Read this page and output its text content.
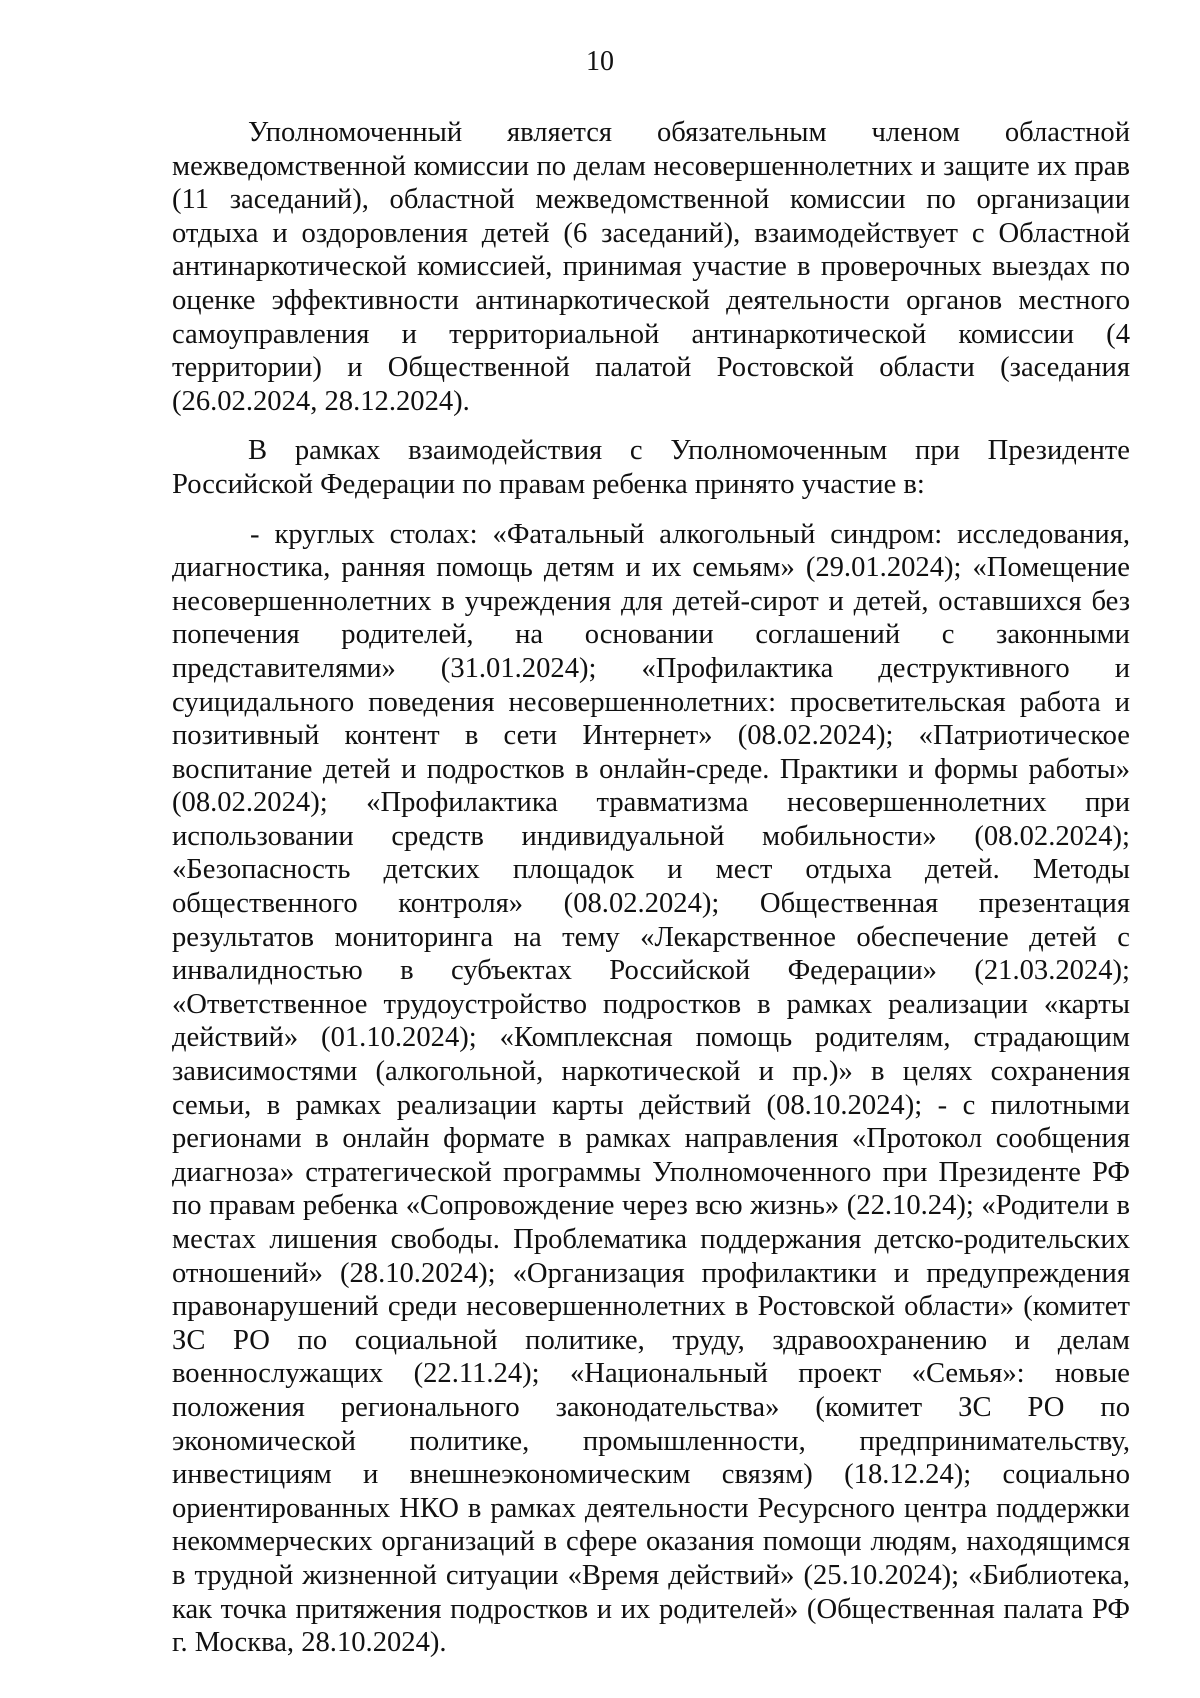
10

Уполномоченный является обязательным членом областной межведомственной комиссии по делам несовершеннолетних и защите их прав (11 заседаний), областной межведомственной комиссии по организации отдыха и оздоровления детей (6 заседаний), взаимодействует с Областной антинаркотической комиссией, принимая участие в проверочных выездах по оценке эффективности антинаркотической деятельности органов местного самоуправления и территориальной антинаркотической комиссии (4 территории) и Общественной палатой Ростовской области (заседания (26.02.2024, 28.12.2024).

В рамках взаимодействия с Уполномоченным при Президенте Российской Федерации по правам ребенка принято участие в:

- круглых столах: «Фатальный алкогольный синдром: исследования, диагностика, ранняя помощь детям и их семьям» (29.01.2024); «Помещение несовершеннолетних в учреждения для детей-сирот и детей, оставшихся без попечения родителей, на основании соглашений с законными представителями» (31.01.2024); «Профилактика деструктивного и суицидального поведения несовершеннолетних: просветительская работа и позитивный контент в сети Интернет» (08.02.2024); «Патриотическое воспитание детей и подростков в онлайн-среде. Практики и формы работы» (08.02.2024); «Профилактика травматизма несовершеннолетних при использовании средств индивидуальной мобильности» (08.02.2024); «Безопасность детских площадок и мест отдыха детей. Методы общественного контроля» (08.02.2024); Общественная презентация результатов мониторинга на тему «Лекарственное обеспечение детей с инвалидностью в субъектах Российской Федерации» (21.03.2024); «Ответственное трудоустройство подростков в рамках реализации «карты действий» (01.10.2024); «Комплексная помощь родителям, страдающим зависимостями (алкогольной, наркотической и пр.)» в целях сохранения семьи, в рамках реализации карты действий (08.10.2024); - с пилотными регионами в онлайн формате в рамках направления «Протокол сообщения диагноза» стратегической программы Уполномоченного при Президенте РФ по правам ребенка «Сопровождение через всю жизнь» (22.10.24); «Родители в местах лишения свободы. Проблематика поддержания детско-родительских отношений» (28.10.2024); «Организация профилактики и предупреждения правонарушений среди несовершеннолетних в Ростовской области» (комитет ЗС РО по социальной политике, труду, здравоохранению и делам военнослужащих (22.11.24); «Национальный проект «Семья»: новые положения регионального законодательства» (комитет ЗС РО по экономической политике, промышленности, предпринимательству, инвестициям и внешнеэкономическим связям) (18.12.24); социально ориентированных НКО в рамках деятельности Ресурсного центра поддержки некоммерческих организаций в сфере оказания помощи людям, находящимся в трудной жизненной ситуации «Время действий» (25.10.2024); «Библиотека, как точка притяжения подростков и их родителей» (Общественная палата РФ г. Москва, 28.10.2024).
